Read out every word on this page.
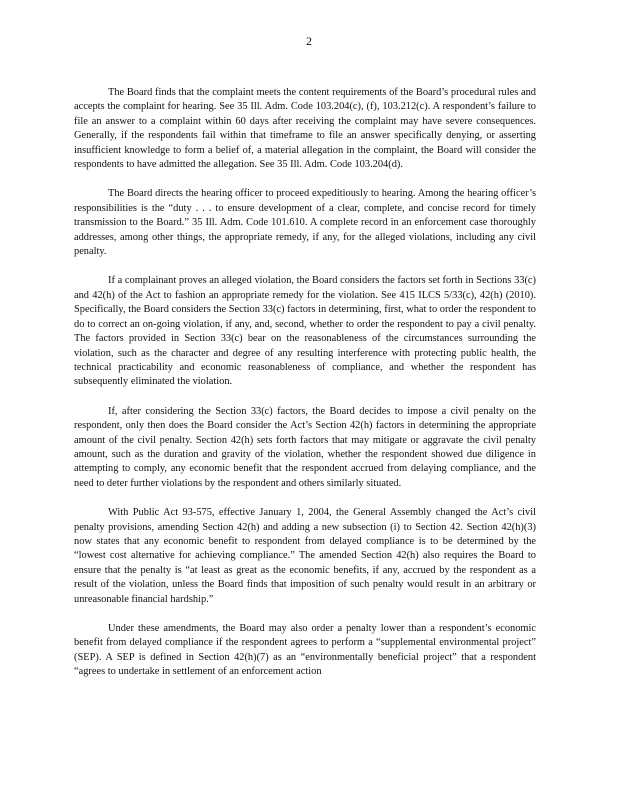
2

The Board finds that the complaint meets the content requirements of the Board’s procedural rules and accepts the complaint for hearing. See 35 Ill. Adm. Code 103.204(c), (f), 103.212(c). A respondent’s failure to file an answer to a complaint within 60 days after receiving the complaint may have severe consequences. Generally, if the respondents fail within that timeframe to file an answer specifically denying, or asserting insufficient knowledge to form a belief of, a material allegation in the complaint, the Board will consider the respondents to have admitted the allegation. See 35 Ill. Adm. Code 103.204(d).

The Board directs the hearing officer to proceed expeditiously to hearing. Among the hearing officer’s responsibilities is the “duty . . . to ensure development of a clear, complete, and concise record for timely transmission to the Board.” 35 Ill. Adm. Code 101.610. A complete record in an enforcement case thoroughly addresses, among other things, the appropriate remedy, if any, for the alleged violations, including any civil penalty.

If a complainant proves an alleged violation, the Board considers the factors set forth in Sections 33(c) and 42(h) of the Act to fashion an appropriate remedy for the violation. See 415 ILCS 5/33(c), 42(h) (2010). Specifically, the Board considers the Section 33(c) factors in determining, first, what to order the respondent to do to correct an on-going violation, if any, and, second, whether to order the respondent to pay a civil penalty. The factors provided in Section 33(c) bear on the reasonableness of the circumstances surrounding the violation, such as the character and degree of any resulting interference with protecting public health, the technical practicability and economic reasonableness of compliance, and whether the respondent has subsequently eliminated the violation.

If, after considering the Section 33(c) factors, the Board decides to impose a civil penalty on the respondent, only then does the Board consider the Act’s Section 42(h) factors in determining the appropriate amount of the civil penalty. Section 42(h) sets forth factors that may mitigate or aggravate the civil penalty amount, such as the duration and gravity of the violation, whether the respondent showed due diligence in attempting to comply, any economic benefit that the respondent accrued from delaying compliance, and the need to deter further violations by the respondent and others similarly situated.

With Public Act 93-575, effective January 1, 2004, the General Assembly changed the Act’s civil penalty provisions, amending Section 42(h) and adding a new subsection (i) to Section 42. Section 42(h)(3) now states that any economic benefit to respondent from delayed compliance is to be determined by the “lowest cost alternative for achieving compliance.” The amended Section 42(h) also requires the Board to ensure that the penalty is “at least as great as the economic benefits, if any, accrued by the respondent as a result of the violation, unless the Board finds that imposition of such penalty would result in an arbitrary or unreasonable financial hardship.”

Under these amendments, the Board may also order a penalty lower than a respondent’s economic benefit from delayed compliance if the respondent agrees to perform a “supplemental environmental project” (SEP). A SEP is defined in Section 42(h)(7) as an “environmentally beneficial project” that a respondent “agrees to undertake in settlement of an enforcement action
